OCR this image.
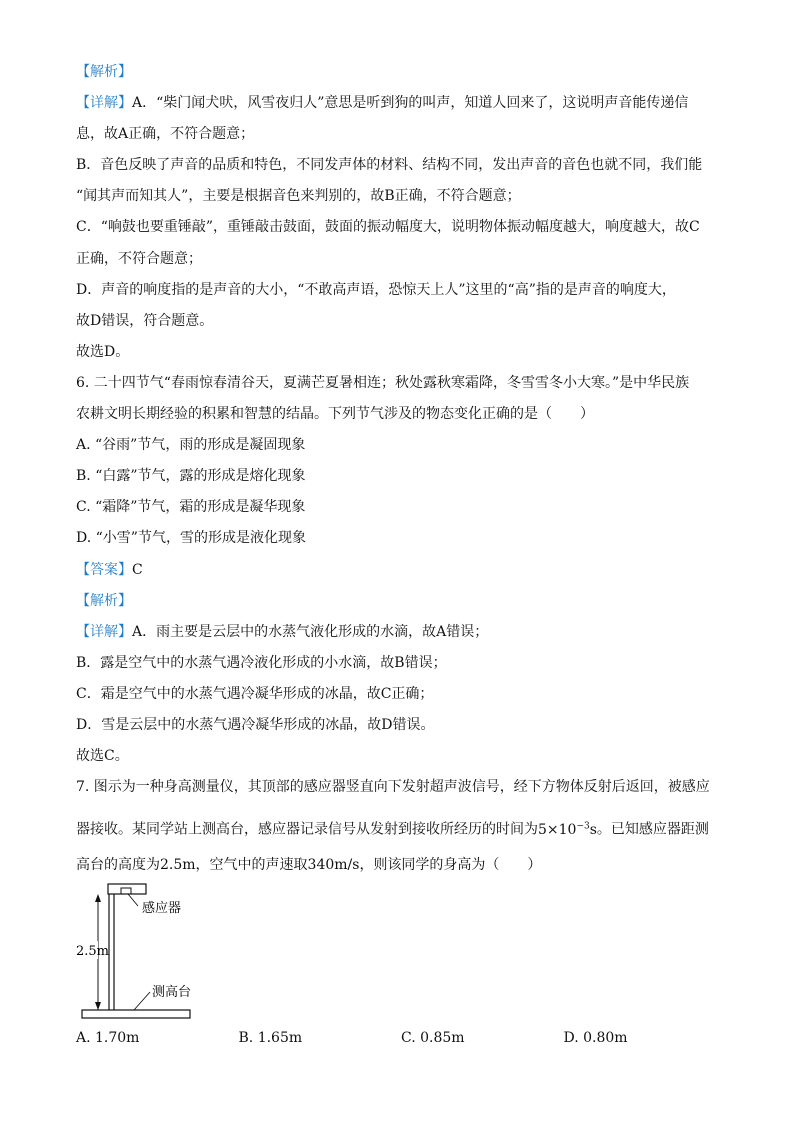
【解析】
【详解】A．“柴门闻犬吠，风雪夜归人”意思是听到狗的叫声，知道人回来了，这说明声音能传递信
息，故A正确，不符合题意；
B．音色反映了声音的品质和特色，不同发声体的材料、结构不同，发出声音的音色也就不同，我们能
“闻其声而知其人”，主要是根据音色来判别的，故B正确，不符合题意；
C．“响鼓也要重锤敲”，重锤敲击鼓面，鼓面的振动幅度大，说明物体振动幅度越大，响度越大，故C
正确，不符合题意；
D．声音的响度指的是声音的大小，“不敢高声语，恐惊天上人”这里的“高”指的是声音的响度大，
故D错误，符合题意。
故选D。
6. 二十四节气“春雨惊春清谷天，夏满芒夏暑相连；秋处露秋寒霜降，冬雪雪冬小大寒。”是中华民族
农耕文明长期经验的积累和智慧的结晶。下列节气涉及的物态变化正确的是（　　）
A. “谷雨”节气，雨的形成是凝固现象
B. “白露”节气，露的形成是熔化现象
C. “霜降”节气，霜的形成是凝华现象
D. “小雪”节气，雪的形成是液化现象
【答案】C
【解析】
【详解】A．雨主要是云层中的水蒸气液化形成的水滴，故A错误；
B．露是空气中的水蒸气遇冷液化形成的小水滴，故B错误；
C．霜是空气中的水蒸气遇冷凝华形成的冰晶，故C正确；
D．雪是云层中的水蒸气遇冷凝华形成的冰晶，故D错误。
故选C。
7. 图示为一种身高测量仪，其顶部的感应器竖直向下发射超声波信号，经下方物体反射后返回，被感应
器接收。某同学站上测高台，感应器记录信号从发射到接收所经历的时间为$5\times 10^{-3}s$。已知感应器距测
高台的高度为2.5m，空气中的声速取340m/s，则该同学的身高为（　　）
感应器
2.5m
测高台
A. 1.70m	B. 1.65m	C. 0.85m	D. 0.80m
